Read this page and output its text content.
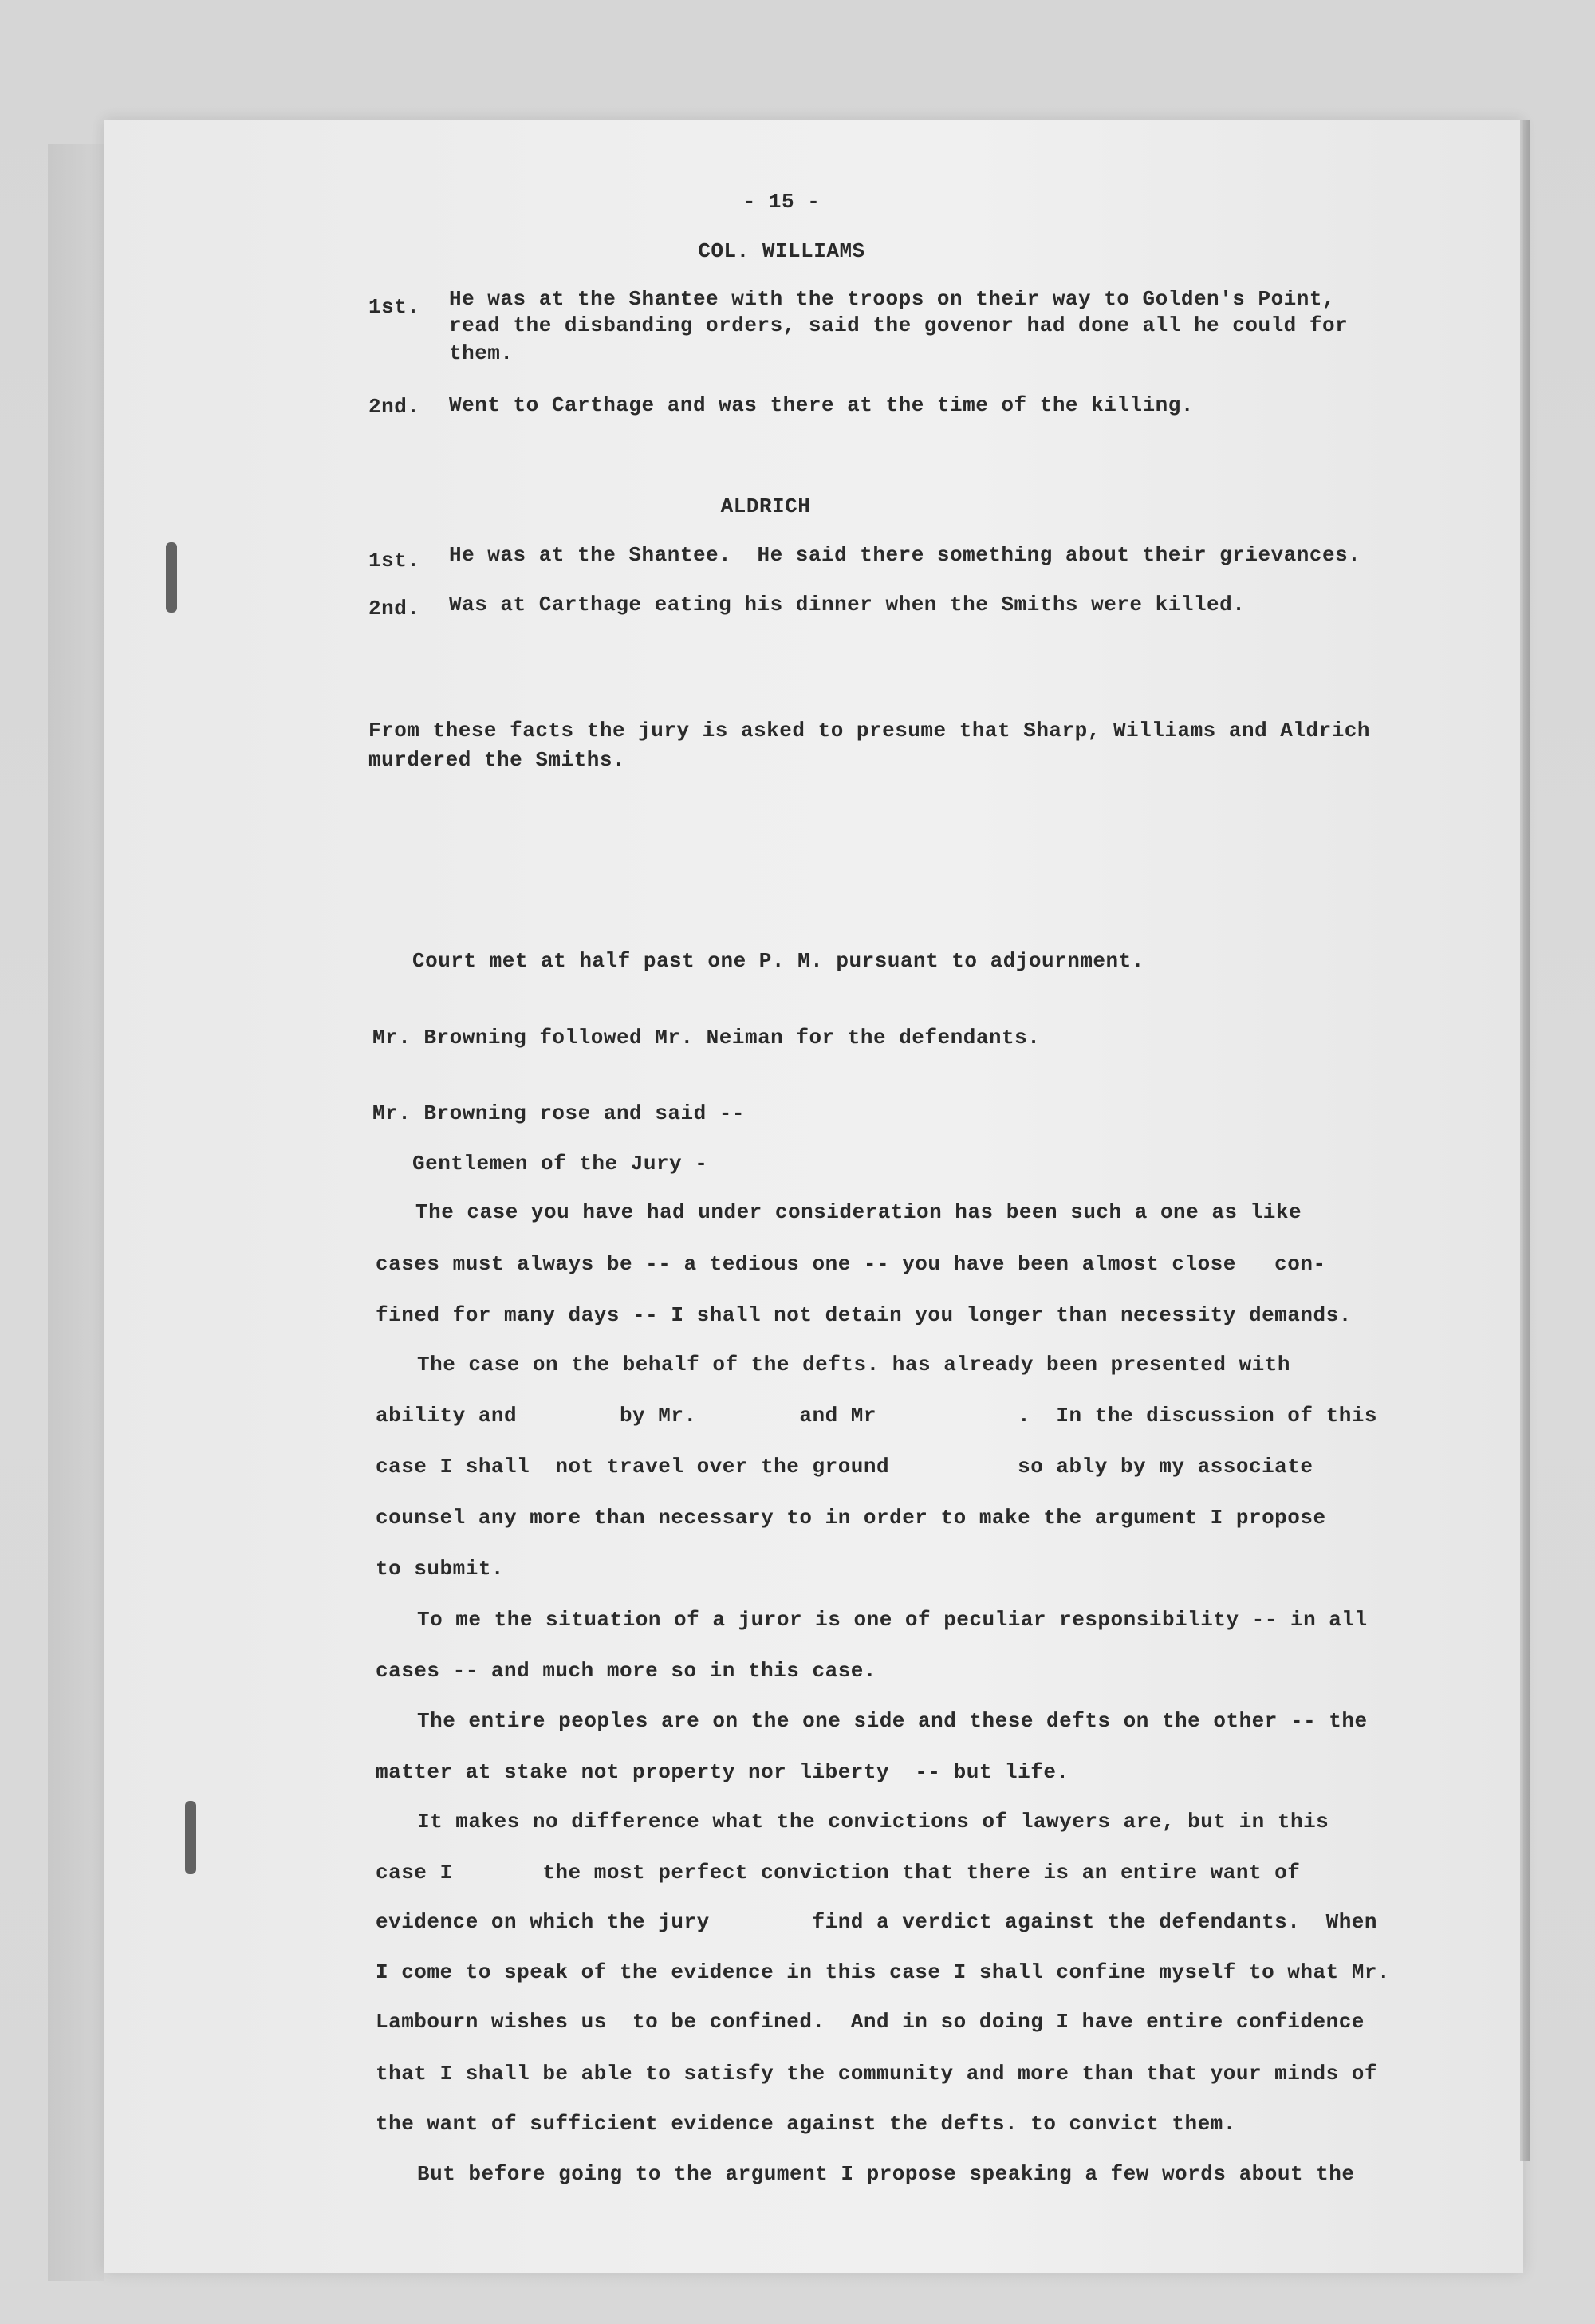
- 15 -
COL. WILLIAMS
1st. He was at the Shantee with the troops on their way to Golden's Point,
read the disbanding orders, said the govenor had done all he could for
them.
2nd. Went to Carthage and was there at the time of the killing.
ALDRICH
1st. He was at the Shantee.  He said there something about their grievances.
2nd. Was at Carthage eating his dinner when the Smiths were killed.
From these facts the jury is asked to presume that Sharp, Williams and Aldrich
murdered the Smiths.
Court met at half past one P. M. pursuant to adjournment.
Mr. Browning followed Mr. Neiman for the defendants.
Mr. Browning rose and said --
Gentlemen of the Jury -
The case you have had under consideration has been such a one as like
cases must always be -- a tedious one -- you have been almost close   con-
fined for many days -- I shall not detain you longer than necessity demands.
The case on the behalf of the defts. has already been presented with
ability and        by Mr.        and Mr           .  In the discussion of this
case I shall  not travel over the ground          so ably by my associate
counsel any more than necessary to in order to make the argument I propose
to submit.
To me the situation of a juror is one of peculiar responsibility -- in all
cases -- and much more so in this case.
The entire peoples are on the one side and these defts on the other -- the
matter at stake not property nor liberty  -- but life.
It makes no difference what the convictions of lawyers are, but in this
case I       the most perfect conviction that there is an entire want of
evidence on which the jury        find a verdict against the defendants.  When
I come to speak of the evidence in this case I shall confine myself to what Mr.
Lambourn wishes us  to be confined.  And in so doing I have entire confidence
that I shall be able to satisfy the community and more than that your minds of
the want of sufficient evidence against the defts. to convict them.
But before going to the argument I propose speaking a few words about the
